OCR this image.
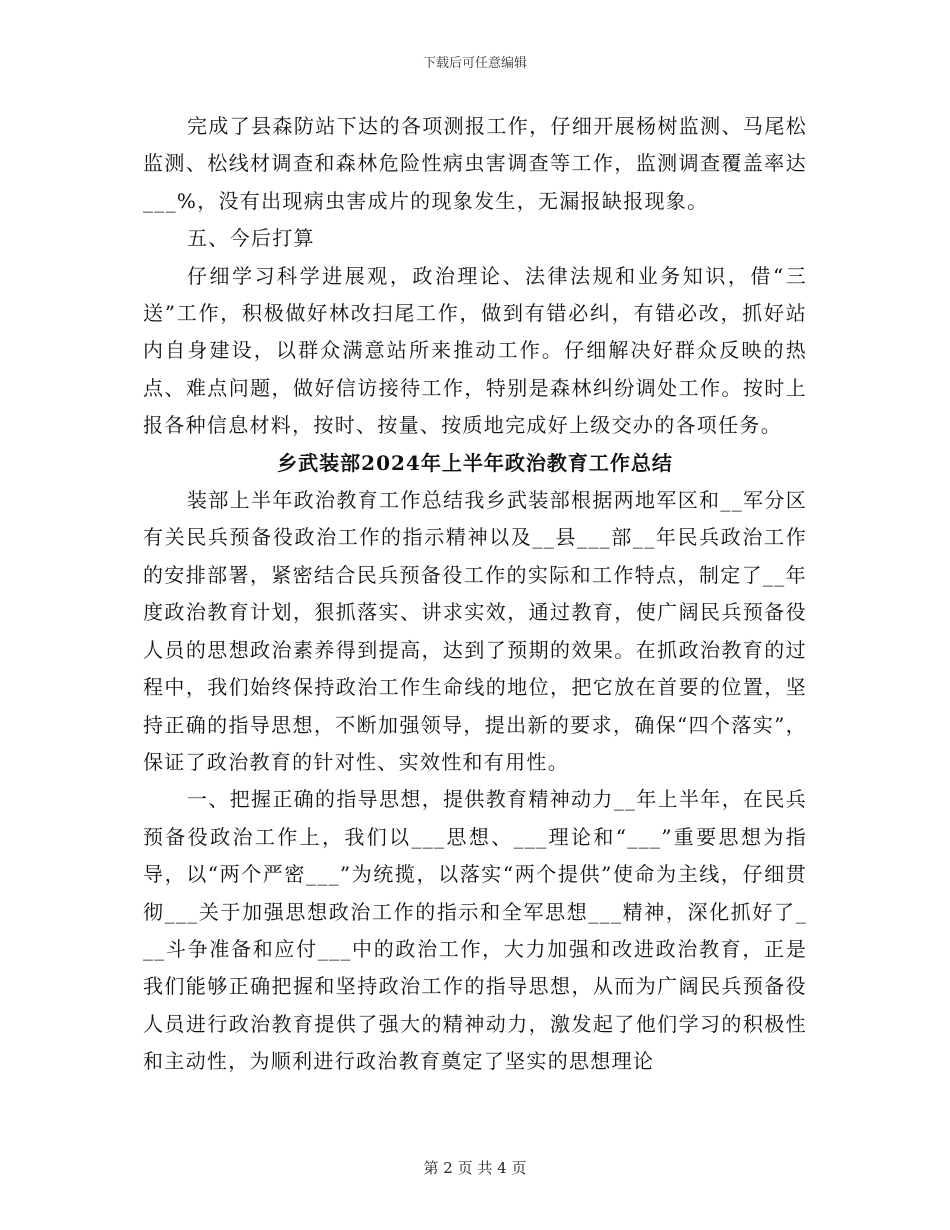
下载后可任意编辑

完成了县森防站下达的各项测报工作，仔细开展杨树监测、马尾松监测、松线材调查和森林危险性病虫害调查等工作，监测调查覆盖率达___%，没有出现病虫害成片的现象发生，无漏报缺报现象。

五、今后打算

仔细学习科学进展观，政治理论、法律法规和业务知识，借“三送”工作，积极做好林改扫尾工作，做到有错必纠，有错必改，抓好站内自身建设，以群众满意站所来推动工作。仔细解决好群众反映的热点、难点问题，做好信访接待工作，特别是森林纠纷调处工作。按时上报各种信息材料，按时、按量、按质地完成好上级交办的各项任务。

乡武装部2024年上半年政治教育工作总结

装部上半年政治教育工作总结我乡武装部根据两地军区和__军分区有关民兵预备役政治工作的指示精神以及__县___部__年民兵政治工作的安排部署，紧密结合民兵预备役工作的实际和工作特点，制定了__年度政治教育计划，狠抓落实、讲求实效，通过教育，使广阔民兵预备役人员的思想政治素养得到提高，达到了预期的效果。在抓政治教育的过程中，我们始终保持政治工作生命线的地位，把它放在首要的位置，坚持正确的指导思想，不断加强领导，提出新的要求，确保“四个落实”，保证了政治教育的针对性、实效性和有用性。

一、把握正确的指导思想，提供教育精神动力__年上半年，在民兵预备役政治工作上，我们以___思想、___理论和“___”重要思想为指导，以“两个严密___”为统揽，以落实“两个提供”使命为主线，仔细贯彻___关于加强思想政治工作的指示和全军思想___精神，深化抓好了___斗争准备和应付___中的政治工作，大力加强和改进政治教育，正是我们能够正确把握和坚持政治工作的指导思想，从而为广阔民兵预备役人员进行政治教育提供了强大的精神动力，激发起了他们学习的积极性和主动性，为顺利进行政治教育奠定了坚实的思想理论

第 2 页 共 4 页
